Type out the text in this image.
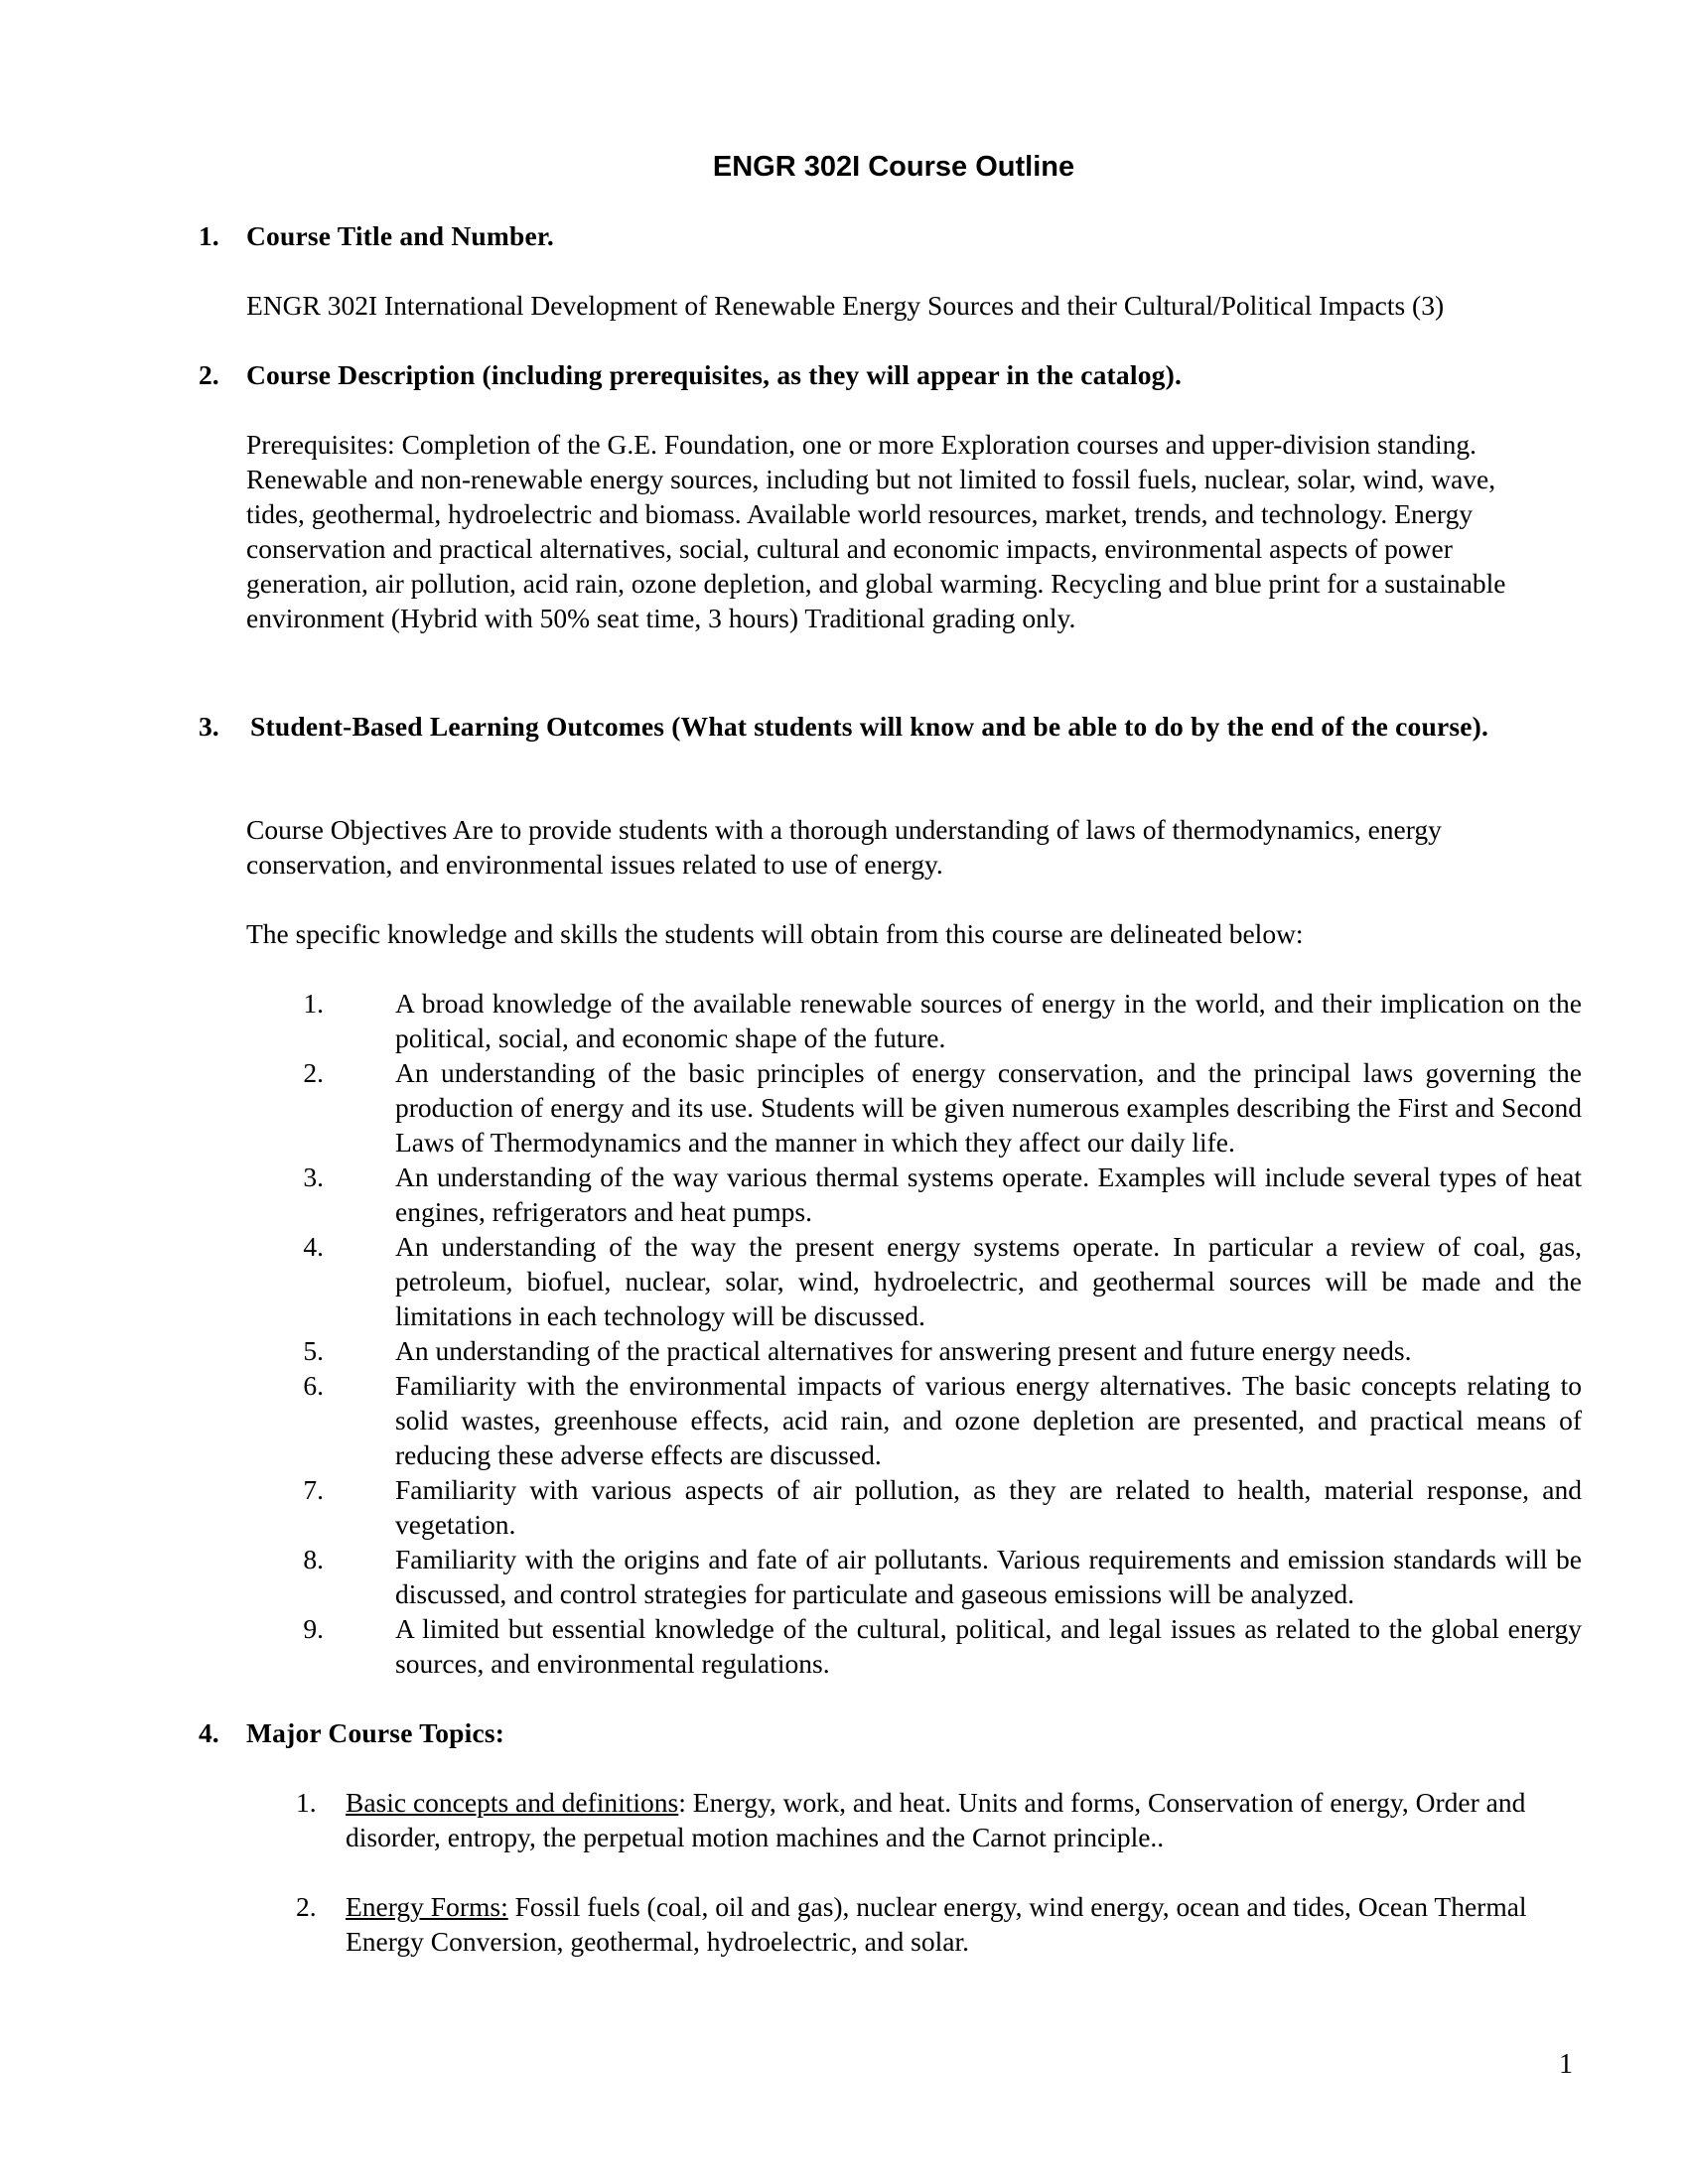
ENGR 302I Course Outline
1. Course Title and Number.

ENGR 302I International Development of Renewable Energy Sources and their Cultural/Political Impacts (3)

2. Course Description (including prerequisites, as they will appear in the catalog).

Prerequisites: Completion of the G.E. Foundation, one or more Exploration courses and upper-division standing. Renewable and non-renewable energy sources, including but not limited to fossil fuels, nuclear, solar, wind, wave, tides, geothermal, hydroelectric and biomass. Available world resources, market, trends, and technology. Energy conservation and practical alternatives, social, cultural and economic impacts, environmental aspects of power generation, air pollution, acid rain, ozone depletion, and global warming. Recycling and blue print for a sustainable environment (Hybrid with 50% seat time, 3 hours) Traditional grading only.

3. Student-Based Learning Outcomes (What students will know and be able to do by the end of the course).

Course Objectives Are to provide students with a thorough understanding of laws of thermodynamics, energy conservation, and environmental issues related to use of energy.

The specific knowledge and skills the students will obtain from this course are delineated below:

1.	A broad knowledge of the available renewable sources of energy in the world, and their implication on the political, social, and economic shape of the future.

2.	An understanding of the basic principles of energy conservation, and the principal laws governing the production of energy and its use. Students will be given numerous examples describing the First and Second Laws of Thermodynamics and the manner in which they affect our daily life.

3.	An understanding of the way various thermal systems operate. Examples will include several types of heat engines, refrigerators and heat pumps.

4.	An understanding of the way the present energy systems operate. In particular a review of coal, gas, petroleum, biofuel, nuclear, solar, wind, hydroelectric, and geothermal sources will be made and the limitations in each technology will be discussed.

5.	An understanding of the practical alternatives for answering present and future energy needs.

6.	Familiarity with the environmental impacts of various energy alternatives. The basic concepts relating to solid wastes, greenhouse effects, acid rain, and ozone depletion are presented, and practical means of reducing these adverse effects are discussed.

7.	Familiarity with various aspects of air pollution, as they are related to health, material response, and vegetation.

8.	Familiarity with the origins and fate of air pollutants. Various requirements and emission standards will be discussed, and control strategies for particulate and gaseous emissions will be analyzed.

9.	A limited but essential knowledge of the cultural, political, and legal issues as related to the global energy sources, and environmental regulations.

4. Major Course Topics:
1. Basic concepts and definitions: Energy, work, and heat. Units and forms, Conservation of energy, Order and disorder, entropy, the perpetual motion machines and the Carnot principle..

2. Energy Forms: Fossil fuels (coal, oil and gas), nuclear energy, wind energy, ocean and tides, Ocean Thermal Energy Conversion, geothermal, hydroelectric, and solar.

1
